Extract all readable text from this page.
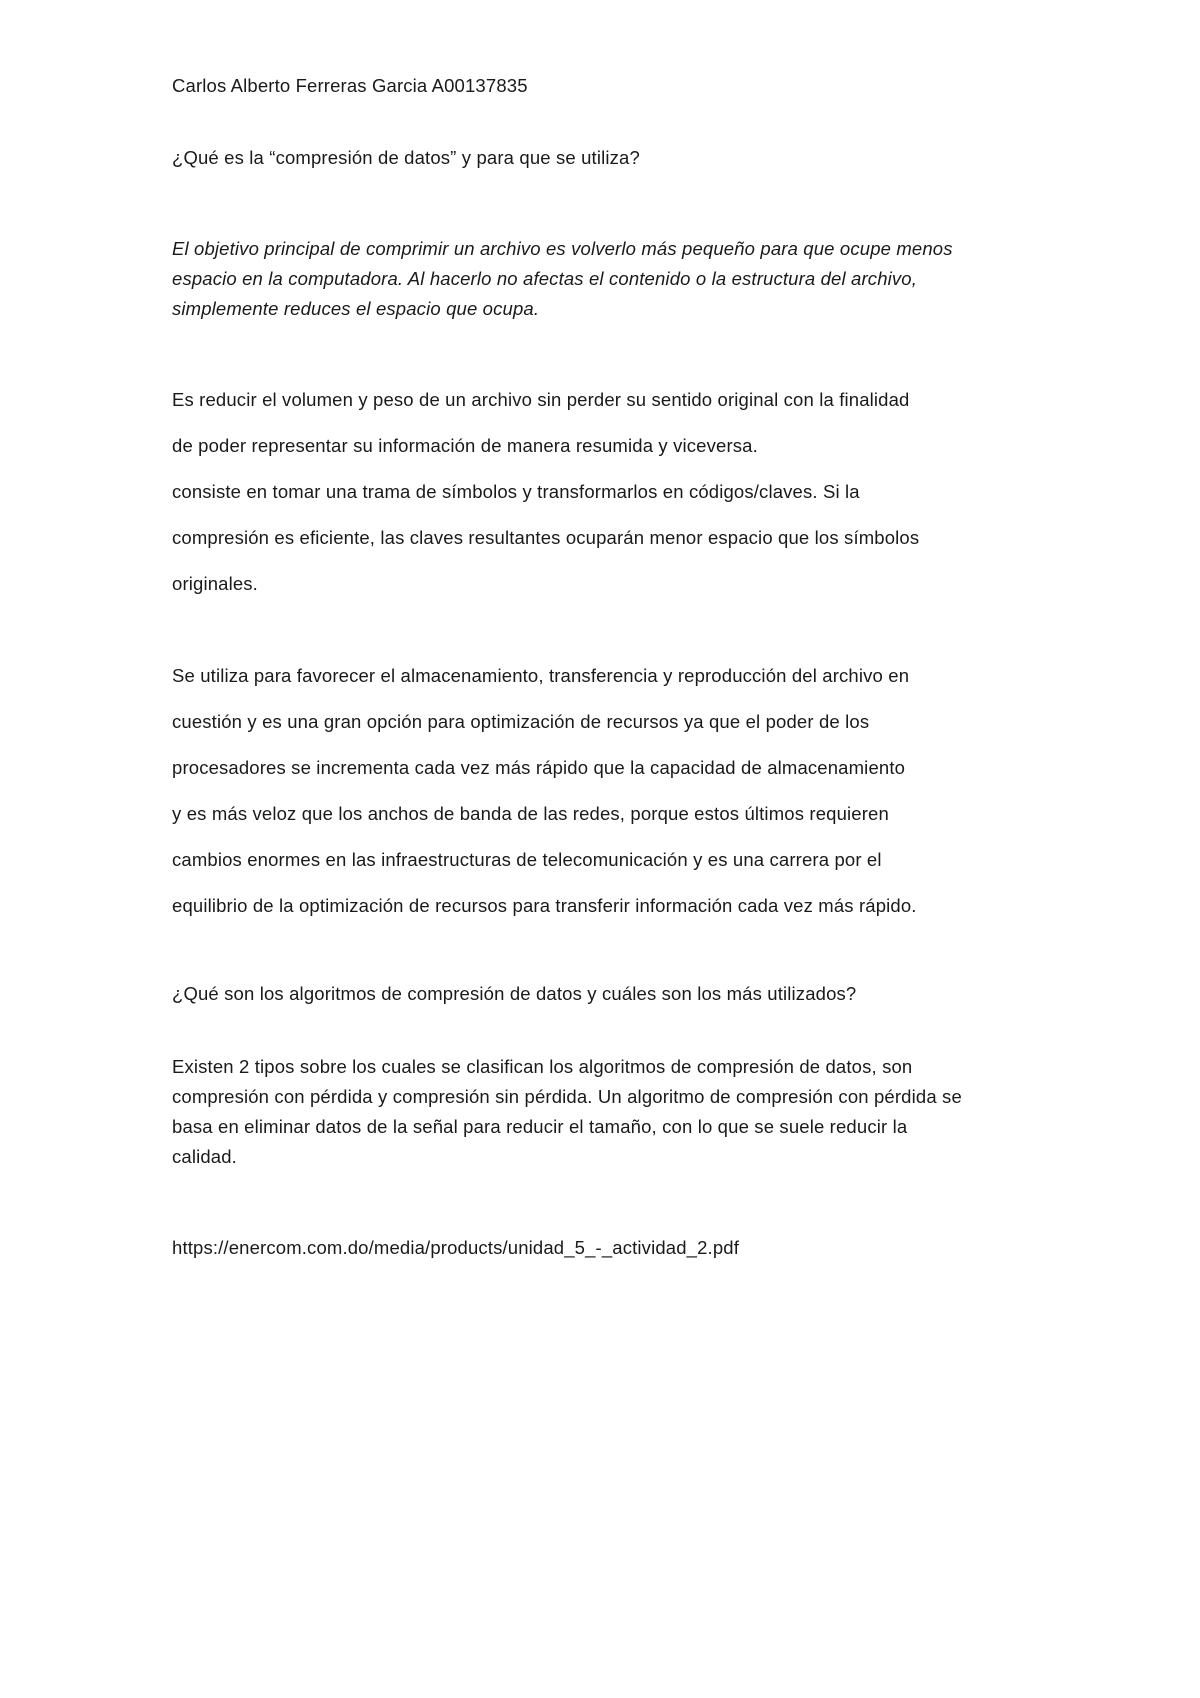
Carlos Alberto Ferreras Garcia A00137835

¿Qué es la “compresión de datos” y para que se utiliza?

El objetivo principal de comprimir un archivo es volverlo más pequeño para que ocupe menos

espacio en la computadora. Al hacerlo no afectas el contenido o la estructura del archivo,

simplemente reduces el espacio que ocupa.

Es reducir el volumen y peso de un archivo sin perder su sentido original con la finalidad

de poder representar su información de manera resumida y viceversa.

consiste en tomar una trama de símbolos y transformarlos en códigos/claves. Si la

compresión es eficiente, las claves resultantes ocuparán menor espacio que los símbolos

originales.

Se utiliza para favorecer el almacenamiento, transferencia y reproducción del archivo en

cuestión y es una gran opción para optimización de recursos ya que el poder de los

procesadores se incrementa cada vez más rápido que la capacidad de almacenamiento

y es más veloz que los anchos de banda de las redes, porque estos últimos requieren

cambios enormes en las infraestructuras de telecomunicación y es una carrera por el

equilibrio de la optimización de recursos para transferir información cada vez más rápido.

¿Qué son los algoritmos de compresión de datos y cuáles son los más utilizados?

Existen 2 tipos sobre los cuales se clasifican los algoritmos de compresión de datos, son

compresión con pérdida y compresión sin pérdida. Un algoritmo de compresión con pérdida se

basa en eliminar datos de la señal para reducir el tamaño, con lo que se suele reducir la

calidad.

https://enercom.com.do/media/products/unidad_5_-_actividad_2.pdf
